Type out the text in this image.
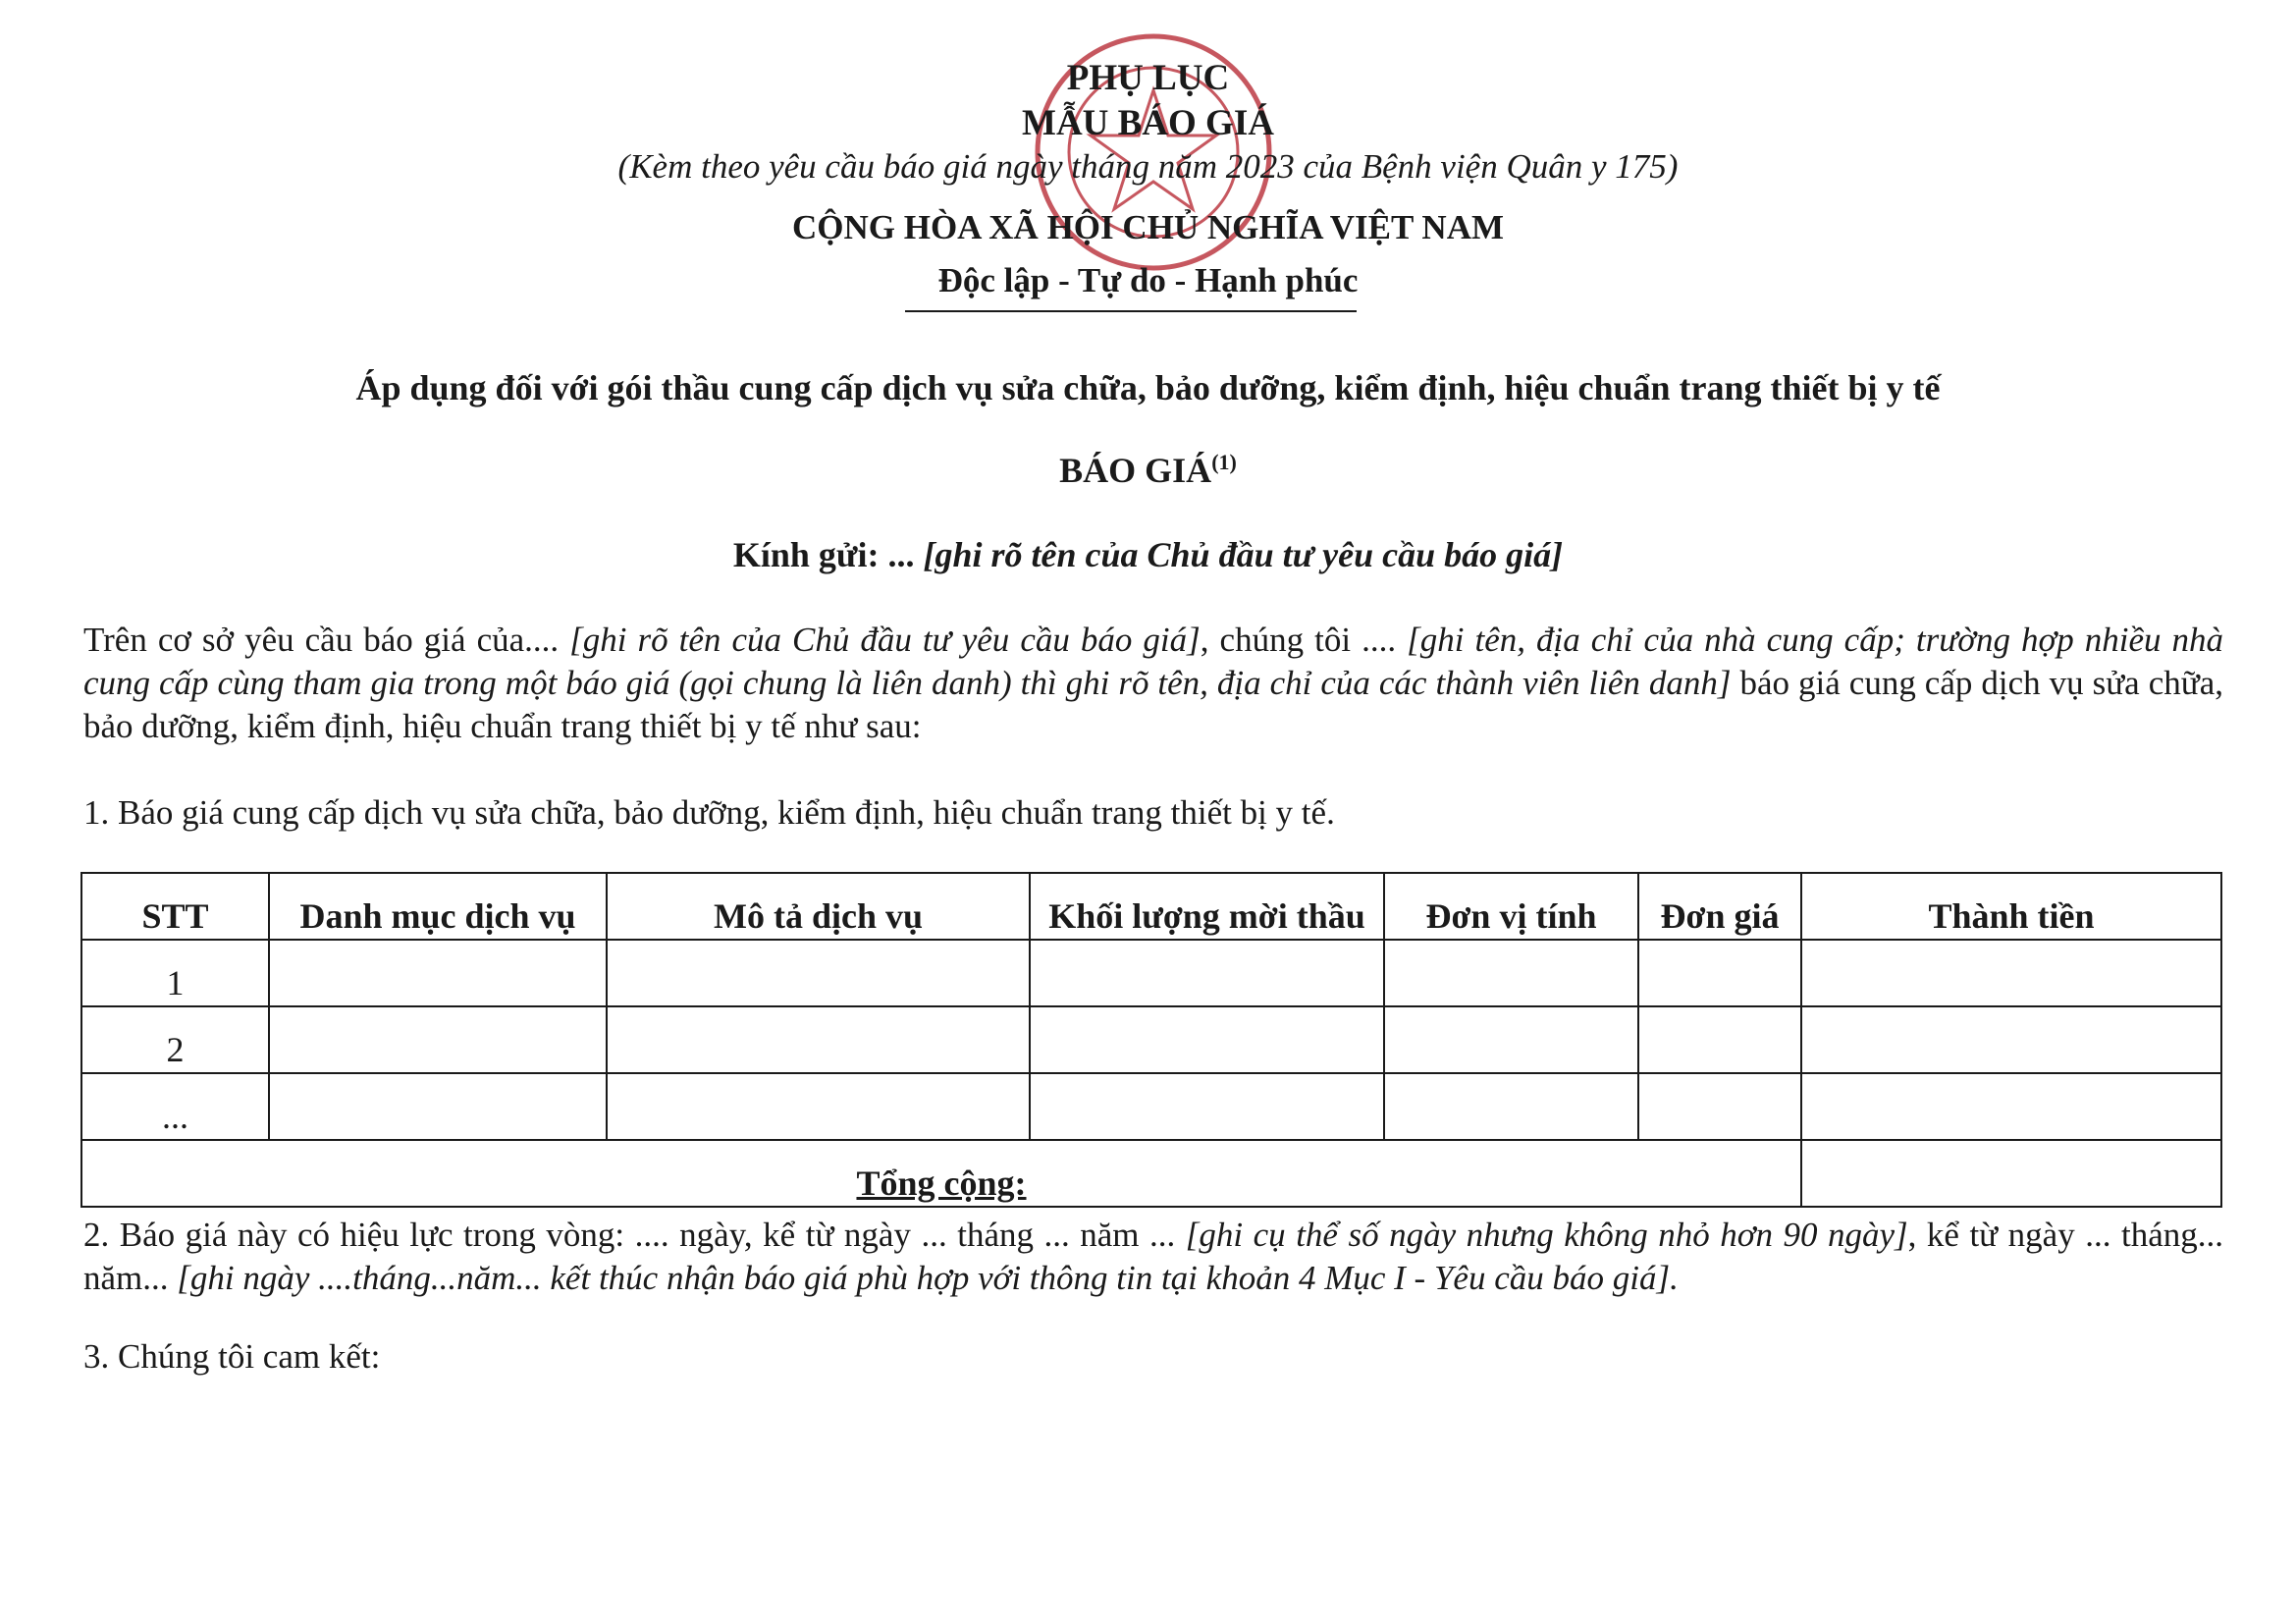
PHỤ LỤC
MẪU BÁO GIÁ
(Kèm theo yêu cầu báo giá ngày tháng năm 2023 của Bệnh viện Quân y 175)
CỘNG HÒA XÃ HỘI CHỦ NGHĨA VIỆT NAM
Độc lập - Tự do - Hạnh phúc
Áp dụng đối với gói thầu cung cấp dịch vụ sửa chữa, bảo dưỡng, kiểm định, hiệu chuẩn trang thiết bị y tế
BÁO GIÁ$^{(1)}$
Kính gửi: ... [ghi rõ tên của Chủ đầu tư yêu cầu báo giá]
Trên cơ sở yêu cầu báo giá của.... [ghi rõ tên của Chủ đầu tư yêu cầu báo giá], chúng tôi .... [ghi tên, địa chỉ của nhà cung cấp; trường hợp nhiều nhà cung cấp cùng tham gia trong một báo giá (gọi chung là liên danh) thì ghi rõ tên, địa chỉ của các thành viên liên danh] báo giá cung cấp dịch vụ sửa chữa, bảo dưỡng, kiểm định, hiệu chuẩn trang thiết bị y tế như sau:
1. Báo giá cung cấp dịch vụ sửa chữa, bảo dưỡng, kiểm định, hiệu chuẩn trang thiết bị y tế.
STT	Danh mục dịch vụ	Mô tả dịch vụ	Khối lượng mời thầu	Đơn vị tính	Đơn giá	Thành tiền
1						
2						
...						
Tổng cộng:						
2. Báo giá này có hiệu lực trong vòng: .... ngày, kể từ ngày ... tháng ... năm ... [ghi cụ thể số ngày nhưng không nhỏ hơn 90 ngày], kể từ ngày ... tháng... năm... [ghi ngày ....tháng...năm... kết thúc nhận báo giá phù hợp với thông tin tại khoản 4 Mục I - Yêu cầu báo giá].
3. Chúng tôi cam kết:
